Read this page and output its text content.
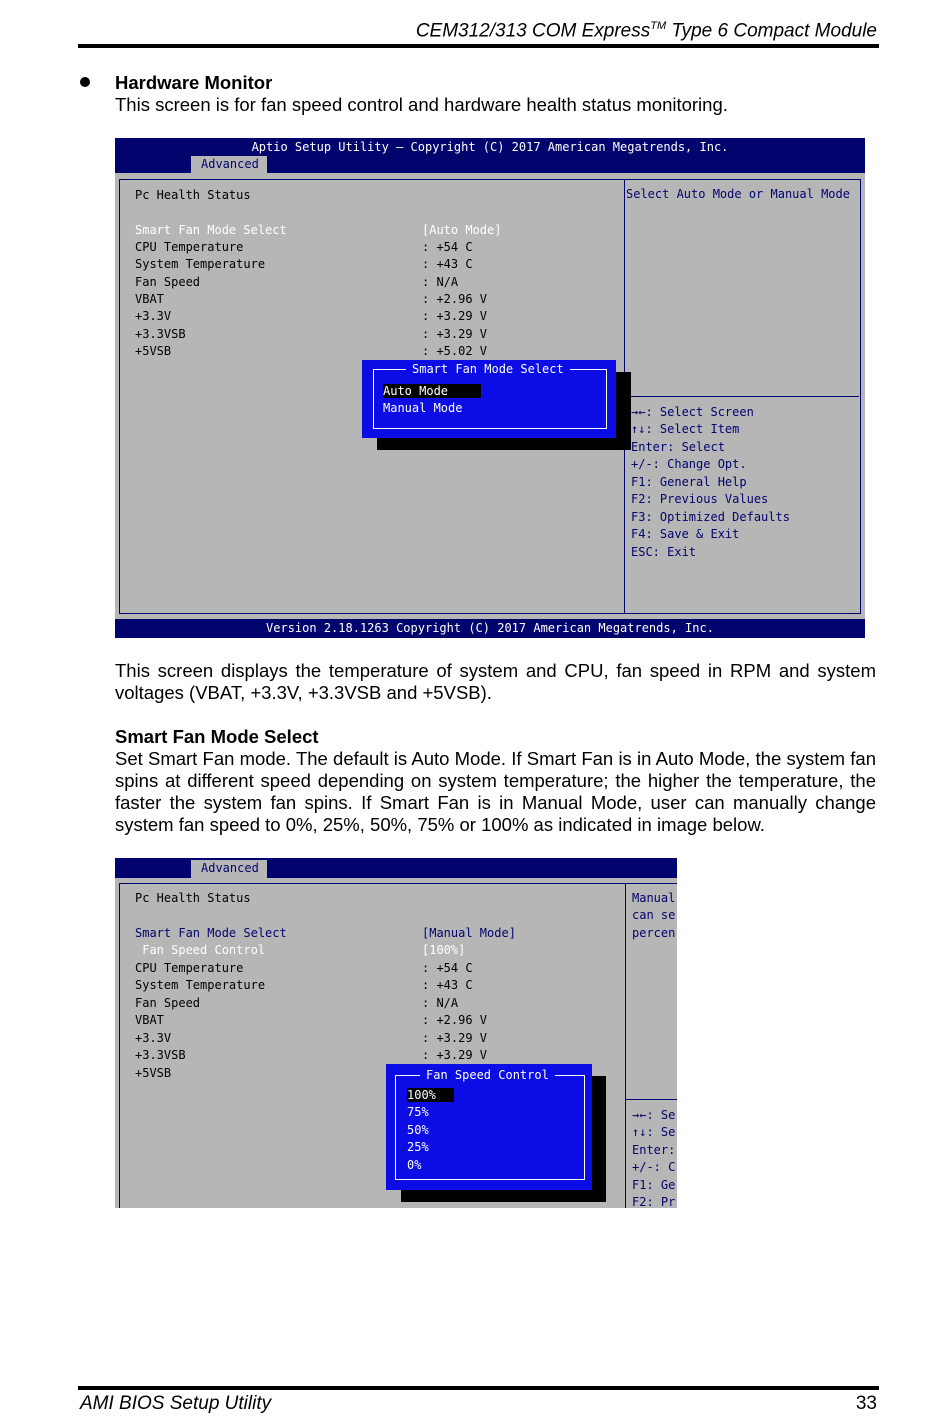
CEM312/313 COM Express™ Type 6 Compact Module
Hardware Monitor
This screen is for fan speed control and hardware health status monitoring.
Aptio Setup Utility – Copyright (C) 2017 American Megatrends, Inc.
Advanced
Pc Health Status
Smart Fan Mode Select	[Auto Mode]
CPU Temperature	: +54 C
System Temperature	: +43 C
Fan Speed	: N/A
VBAT	: +2.96 V
+3.3V	: +3.29 V
+3.3VSB	: +3.29 V
+5VSB	: +5.02 V
Select Auto Mode or Manual Mode
→←: Select Screen
↑↓: Select Item
Enter: Select
+/-: Change Opt.
F1: General Help
F2: Previous Values
F3: Optimized Defaults
F4: Save & Exit
ESC: Exit
Smart Fan Mode Select
Auto Mode
Manual Mode
Version 2.18.1263 Copyright (C) 2017 American Megatrends, Inc.
This screen displays the temperature of system and CPU, fan speed in RPM and system voltages (VBAT, +3.3V, +3.3VSB and +5VSB).
Smart Fan Mode Select
Set Smart Fan mode. The default is Auto Mode. If Smart Fan is in Auto Mode, the system fan spins at different speed depending on system temperature; the higher the temperature, the faster the system fan spins. If Smart Fan is in Manual Mode, user can manually change system fan speed to 0%, 25%, 50%, 75% or 100% as indicated in image below.
Advanced
Pc Health Status
Smart Fan Mode Select	[Manual Mode]
Fan Speed Control	[100%]
CPU Temperature	: +54 C
System Temperature	: +43 C
Fan Speed	: N/A
VBAT	: +2.96 V
+3.3V	: +3.29 V
+3.3VSB	: +3.29 V
+5VSB
Manual
can se
percen
→←: Se
↑↓: Se
Enter:
+/-: C
F1: Ge
F2: Pr
Fan Speed Control
100%
75%
50%
25%
0%
AMI BIOS Setup Utility	33
